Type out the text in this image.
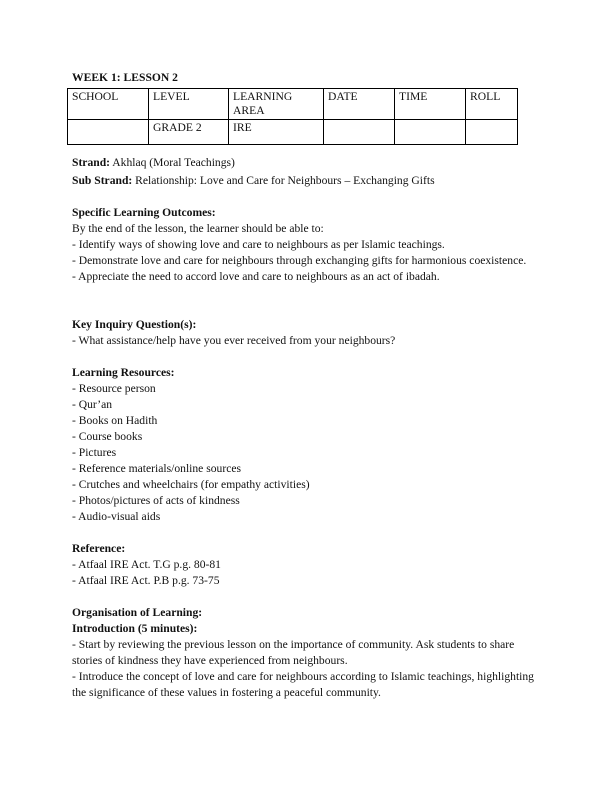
WEEK 1: LESSON 2
SCHOOL	LEVEL	LEARNING AREA	DATE	TIME	ROLL
	GRADE 2	IRE			

Strand: Akhlaq (Moral Teachings)

Sub Strand: Relationship: Love and Care for Neighbours – Exchanging Gifts

Specific Learning Outcomes:

By the end of the lesson, the learner should be able to:

- Identify ways of showing love and care to neighbours as per Islamic teachings.

- Demonstrate love and care for neighbours through exchanging gifts for harmonious coexistence.

- Appreciate the need to accord love and care to neighbours as an act of ibadah.

Key Inquiry Question(s):

- What assistance/help have you ever received from your neighbours?

Learning Resources:

- Resource person

- Qur’an

- Books on Hadith

- Course books

- Pictures

- Reference materials/online sources

- Crutches and wheelchairs (for empathy activities)

- Photos/pictures of acts of kindness

- Audio-visual aids

Reference:

- Atfaal IRE Act. T.G p.g. 80-81

- Atfaal IRE Act. P.B p.g. 73-75

Organisation of Learning:

Introduction (5 minutes):

- Start by reviewing the previous lesson on the importance of community. Ask students to share stories of kindness they have experienced from neighbours.

- Introduce the concept of love and care for neighbours according to Islamic teachings, highlighting the significance of these values in fostering a peaceful community.
